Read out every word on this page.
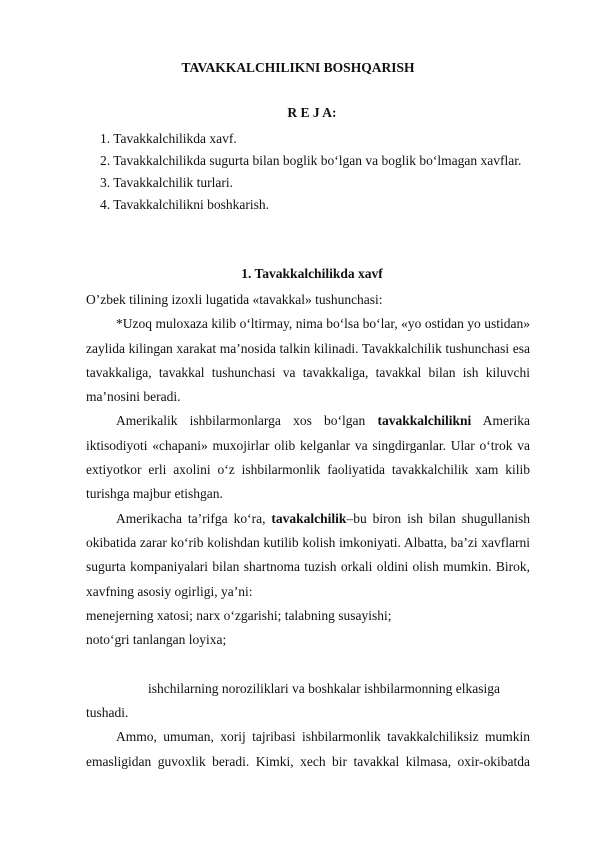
TAVAKKALCHILIKNI BOSHQARISH
R E J A:
1. Tavakkalchilikda xavf.
2. Tavakkalchilikda sugurta bilan boglik bo‘lgan va boglik bo‘lmagan xavflar.
3. Tavakkalchilik turlari.
4. Tavakkalchilikni boshkarish.
1. Tavakkalchilikda xavf

O’zbek tilining izoxli lugatida «tavakkal» tushunchasi:

*Uzoq muloxaza kilib o‘ltirmay, nima bo‘lsa bo‘lar, «yo ostidan yo ustidan» zaylida kilingan xarakat ma’nosida talkin kilinadi. Tavakkalchilik tushunchasi esa tavakkaliga, tavakkal tushunchasi va tavakkaliga, tavakkal bilan ish kiluvchi ma’nosini beradi.

Amerikalik ishbilarmonlarga xos bo‘lgan tavakkalchilikni Amerika iktisodiyoti «chapani» muxojirlar olib kelganlar va singdirganlar. Ular o‘trok va extiyotkor erli axolini o‘z ishbilarmonlik faoliyatida tavakkalchilik xam kilib turishga majbur etishgan.

Amerikacha ta’rifga ko‘ra, tavakalchilik–bu biron ish bilan shugullanish okibatida zarar ko‘rib kolishdan kutilib kolish imkoniyati. Albatta, ba’zi xavflarni sugurta kompaniyalari bilan shartnoma tuzish orkali oldini olish mumkin. Birok, xavfning asosiy ogirligi, ya’ni:

menejerning xatosi; narx o‘zgarishi; talabning susayishi;

noto‘gri tanlangan loyixa;

ishchilarning noroziliklari va boshkalar ishbilarmonning elkasiga

tushadi.

Ammo, umuman, xorij tajribasi ishbilarmonlik tavakkalchiliksiz mumkin emasligidan guvoxlik beradi. Kimki, xech bir tavakkal kilmasa, oxir-okibatda
